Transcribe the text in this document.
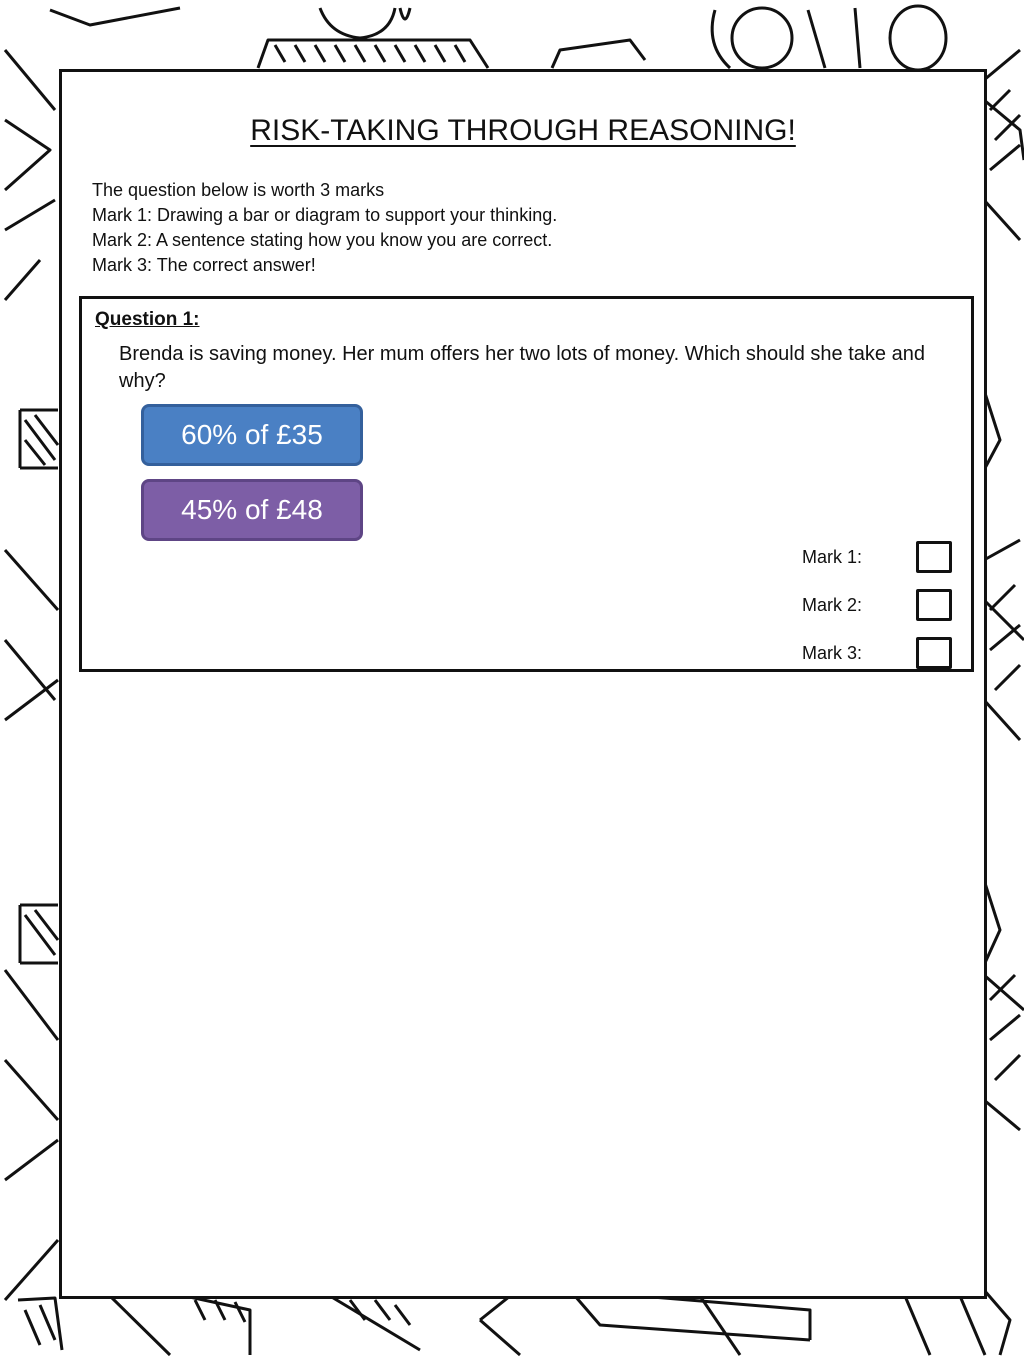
RISK-TAKING THROUGH REASONING!
The question below is worth 3 marks
Mark 1: Drawing a bar or diagram to support your thinking.
Mark 2: A sentence stating how you know you are correct.
Mark 3: The correct answer!
Question 1:
Brenda is saving money. Her mum offers her two lots of money. Which should she take and why?
60% of £35
45% of £48
Mark 1:
Mark 2:
Mark 3:
